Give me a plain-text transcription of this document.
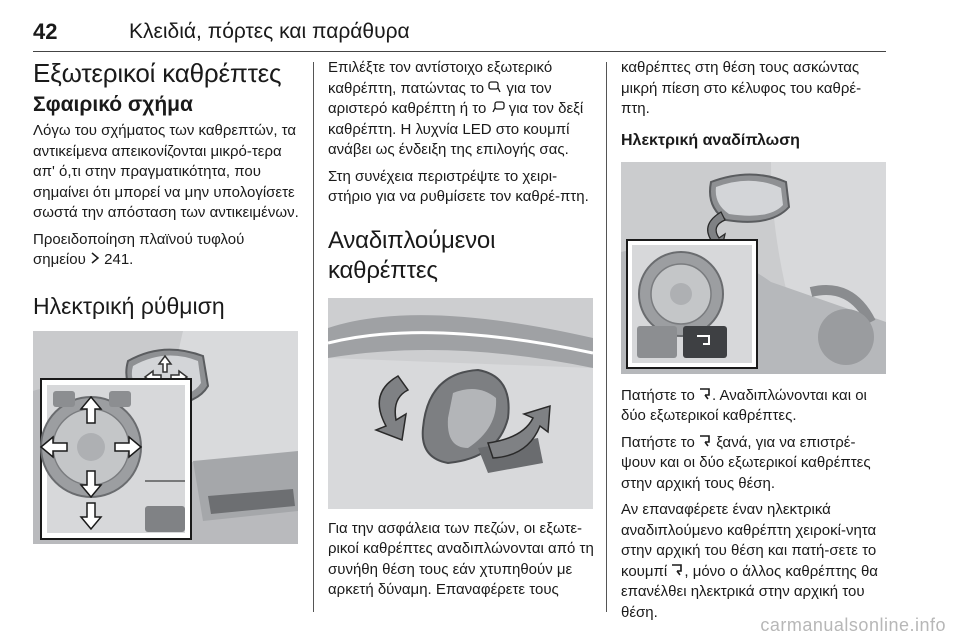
42	Κλειδιά, πόρτες και παράθυρα
Εξωτερικοί καθρέπτες
Σφαιρικό σχήμα

Λόγω του σχήματος των καθρεπτών, τα αντικείμενα απεικονίζονται μικρό-τερα απ' ό,τι στην πραγματικότητα, που σημαίνει ότι μπορεί να μην υπολογίσετε σωστά την απόσταση των αντικειμένων.

Προειδοποίηση πλαϊνού τυφλού σημείου 241.

Ηλεκτρική ρύθμιση

Επιλέξτε τον αντίστοιχο εξωτερικό καθρέπτη, πατώντας το για τον αριστερό καθρέπτη ή το για τον δεξί καθρέπτη. Η λυχνία LED στο κουμπί ανάβει ως ένδειξη της επιλογής σας.

Στη συνέχεια περιστρέψτε το χειρι-στήριο για να ρυθμίσετε τον καθρέ-πτη.

Αναδιπλούμενοι καθρέπτες

Για την ασφάλεια των πεζών, οι εξωτε-ρικοί καθρέπτες αναδιπλώνονται από τη συνήθη θέση τους εάν χτυπηθούν με αρκετή δύναμη. Επαναφέρετε τους

καθρέπτες στη θέση τους ασκώντας μικρή πίεση στο κέλυφος του καθρέ-πτη.

Ηλεκτρική αναδίπλωση

Πατήστε το . Αναδιπλώνονται και οι δύο εξωτερικοί καθρέπτες.

Πατήστε το ξανά, για να επιστρέ-ψουν και οι δύο εξωτερικοί καθρέπτες στην αρχική τους θέση.

Αν επαναφέρετε έναν ηλεκτρικά αναδιπλούμενο καθρέπτη χειροκί-νητα στην αρχική του θέση και πατή-σετε το κουμπί , μόνο ο άλλος καθρέπτης θα επανέλθει ηλεκτρικά στην αρχική του θέση.

carmanualsonline.info
